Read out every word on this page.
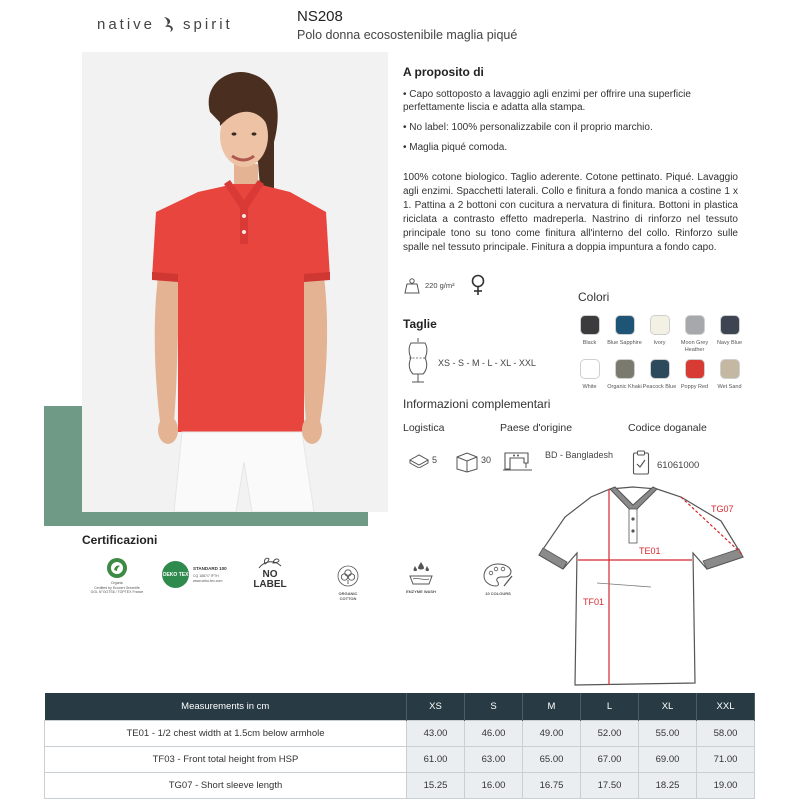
native spirit	NS208
Polo donna ecosostenibile maglia piqué
A proposito di

• Capo sottoposto a lavaggio agli enzimi per offrire una superficie perfettamente liscia e adatta alla stampa.

• No label: 100% personalizzabile con il proprio marchio.

• Maglia piqué comoda.

100% cotone biologico. Taglio aderente. Cotone pettinato. Piqué. Lavaggio agli enzimi. Spacchetti laterali. Collo e finitura a fondo manica a costine 1 x 1. Pattina a 2 bottoni con cucitura a nervatura di finitura. Bottoni in plastica riciclata a contrasto effetto madreperla. Nastrino di rinforzo nel tessuto principale tono su tono come finitura all'interno del collo. Rinforzo sulle spalle nel tessuto principale. Finitura a doppia impuntura a fondo capo.
220 g/m²
Colori
Black Blue Sapphire Ivory	Moon Grey Heather
Navy Blue
White Organic Khaki Peacock Blue Poppy Red Wet Sand
Taglie
XS - S - M - L - XL - XXL
Informazioni complementari
Logistica	Paese d'origine	Codice doganale
5	30	BD - Bangladesh
61061000
Certificazioni
Organic
Certified by Ecocert Greenlife
GOL N°GOTS6 / TOPTEX France
OEKO TEX
STANDARD 100
CQ 1887/7 IFTH
www.oeko-tex.com
NO
LABEL
ORGANIC COTTON
ENZYME WASH	10 COLOURS
TE01
TF01
TG07
Measurements in cm	XS	S	M	L	XL	XXL
TE01 - 1/2 chest width at 1.5cm below armhole	43.00	46.00	49.00	52.00	55.00	58.00
TF03 - Front total height from HSP	61.00	63.00	65.00	67.00	69.00	71.00
TG07 - Short sleeve length	15.25	16.00	16.75	17.50	18.25	19.00
